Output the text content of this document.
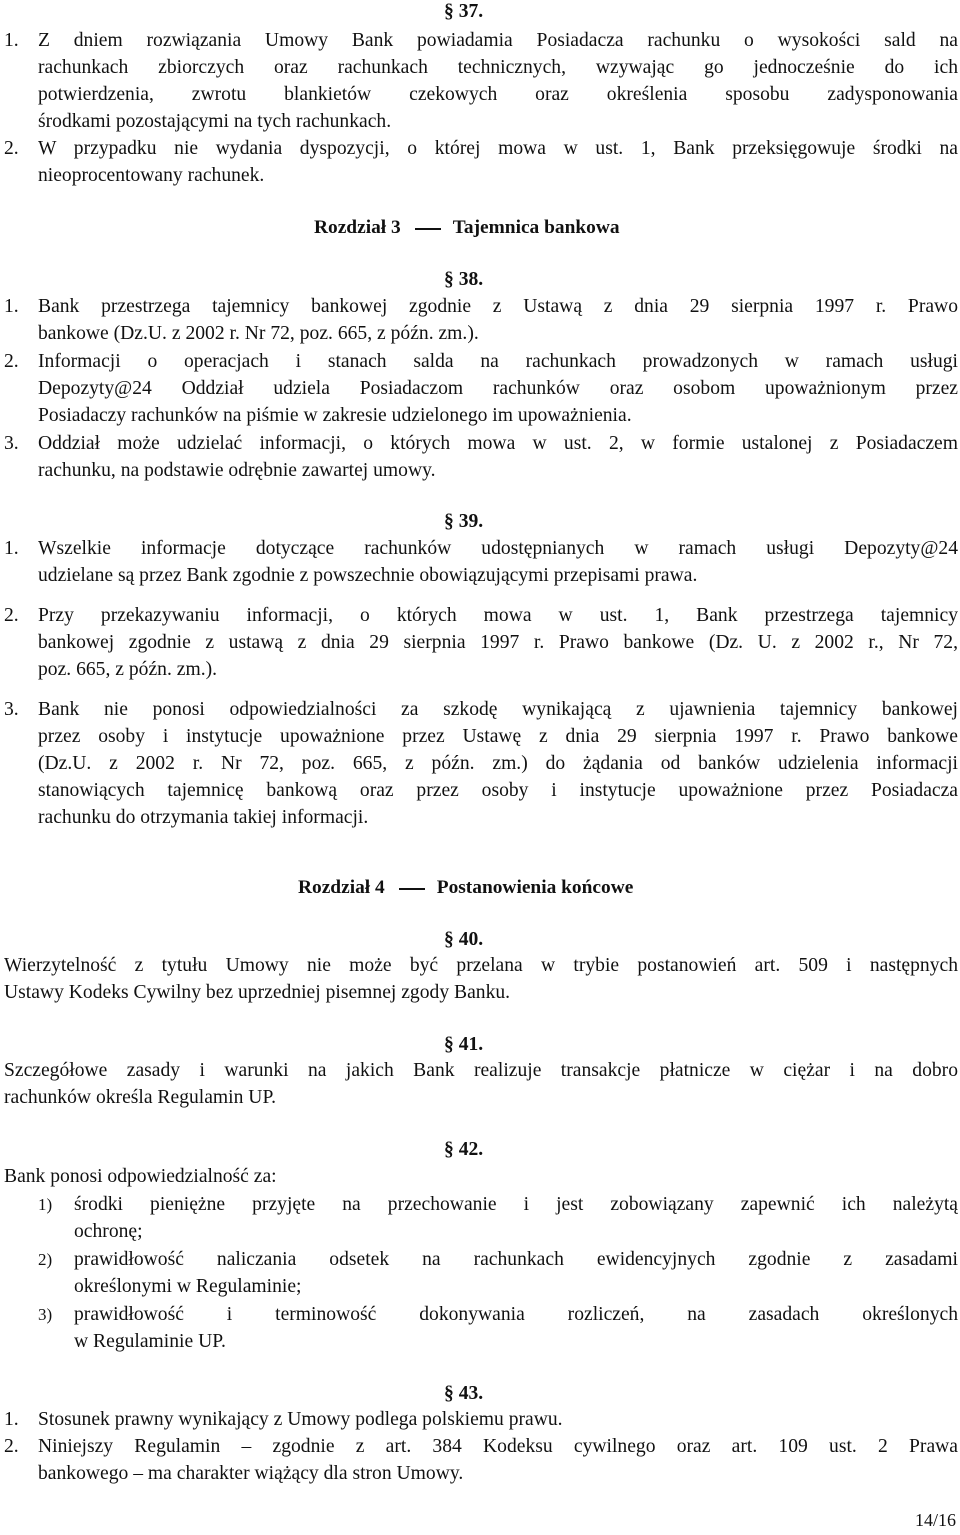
§ 37.
1. Z dniem rozwiązania Umowy Bank powiadamia Posiadacza rachunku o wysokości sald na
rachunkach zbiorczych oraz rachunkach technicznych, wzywając go jednocześnie do ich
potwierdzenia, zwrotu blankietów czekowych oraz określenia sposobu zadysponowania
środkami pozostającymi na tych rachunkach.
2. W przypadku nie wydania dyspozycji, o której mowa w ust. 1, Bank przeksięgowuje środki na
nieoprocentowany rachunek.
Rozdział 3	Tajemnica bankowa
§ 38.
1. Bank przestrzega tajemnicy bankowej zgodnie z Ustawą z dnia 29 sierpnia 1997 r. Prawo
bankowe (Dz.U. z 2002 r. Nr 72, poz. 665, z późn. zm.).
2. Informacji o operacjach i stanach salda na rachunkach prowadzonych w ramach usługi
Depozyty@24 Oddział udziela Posiadaczom rachunków oraz osobom upoważnionym przez
Posiadaczy rachunków na piśmie w zakresie udzielonego im upoważnienia.
3. Oddział może udzielać informacji, o których mowa w ust. 2, w formie ustalonej z Posiadaczem
rachunku, na podstawie odrębnie zawartej umowy.
§ 39.
1. Wszelkie informacje dotyczące rachunków udostępnianych w ramach usługi Depozyty@24
udzielane są przez Bank zgodnie z powszechnie obowiązującymi przepisami prawa.
2. Przy przekazywaniu informacji, o których mowa w ust. 1, Bank przestrzega tajemnicy
bankowej zgodnie z ustawą z dnia 29 sierpnia 1997 r. Prawo bankowe (Dz. U. z 2002 r., Nr 72,
poz. 665, z późn. zm.).
3. Bank nie ponosi odpowiedzialności za szkodę wynikającą z ujawnienia tajemnicy bankowej
przez osoby i instytucje upoważnione przez Ustawę z dnia 29 sierpnia 1997 r. Prawo bankowe
(Dz.U. z 2002 r. Nr 72, poz. 665, z późn. zm.) do żądania od banków udzielenia informacji
stanowiących tajemnicę bankową oraz przez osoby i instytucje upoważnione przez Posiadacza
rachunku do otrzymania takiej informacji.
Rozdział 4	Postanowienia końcowe
§ 40.
Wierzytelność z tytułu Umowy nie może być przelana w trybie postanowień art. 509 i następnych
Ustawy Kodeks Cywilny bez uprzedniej pisemnej zgody Banku.
§ 41.
Szczegółowe zasady i warunki na jakich Bank realizuje transakcje płatnicze w ciężar i na dobro
rachunków określa Regulamin UP.
§ 42.
Bank ponosi odpowiedzialność za:
1)	środki pieniężne przyjęte na przechowanie i jest zobowiązany zapewnić ich należytą
ochronę;
2)	prawidłowość naliczania odsetek na rachunkach ewidencyjnych zgodnie z zasadami
określonymi w Regulaminie;
3)	prawidłowość i terminowość dokonywania rozliczeń, na zasadach określonych
w Regulaminie UP.
§ 43.
1. Stosunek prawny wynikający z Umowy podlega polskiemu prawu.
2. Niniejszy Regulamin – zgodnie z art. 384 Kodeksu cywilnego oraz art. 109 ust. 2 Prawa
bankowego – ma charakter wiążący dla stron Umowy.
14/16
